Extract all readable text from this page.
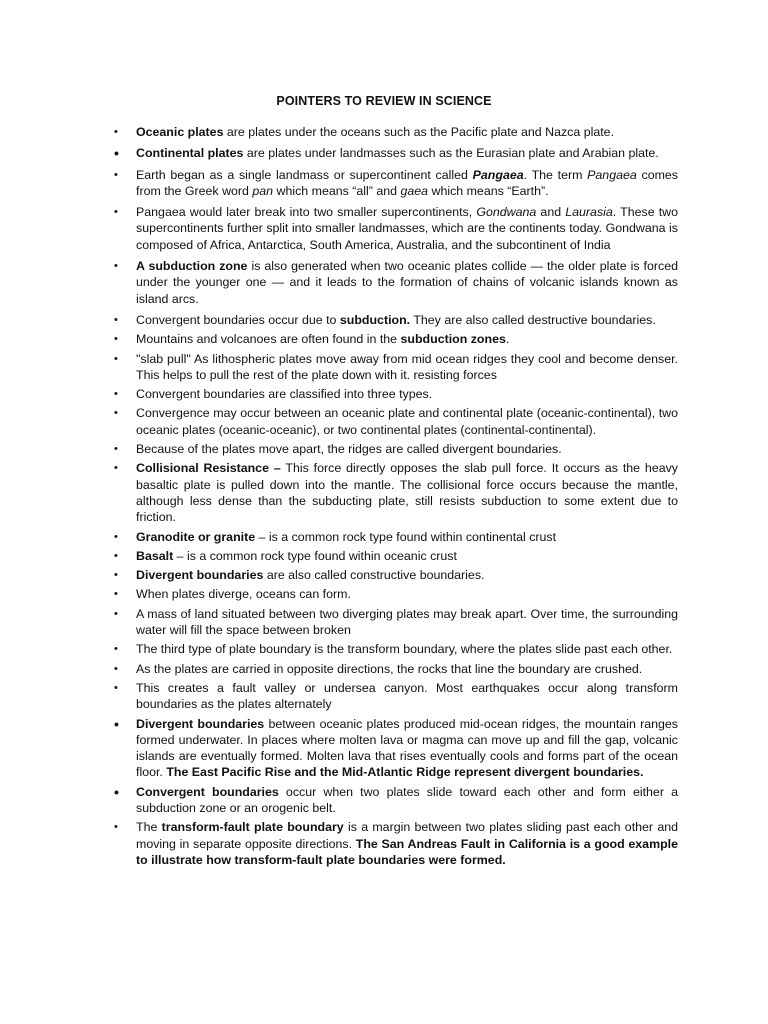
POINTERS TO REVIEW IN SCIENCE
• Oceanic plates are plates under the oceans such as the Pacific plate and Nazca plate.
• Continental plates are plates under landmasses such as the Eurasian plate and Arabian plate.
• Earth began as a single landmass or supercontinent called Pangaea. The term Pangaea comes from the Greek word pan which means “all” and gaea which means “Earth”.
• Pangaea would later break into two smaller supercontinents, Gondwana and Laurasia. These two supercontinents further split into smaller landmasses, which are the continents today. Gondwana is composed of Africa, Antarctica, South America, Australia, and the subcontinent of India
• A subduction zone is also generated when two oceanic plates collide — the older plate is forced under the younger one — and it leads to the formation of chains of volcanic islands known as island arcs.
• Convergent boundaries occur due to subduction. They are also called destructive boundaries.
• Mountains and volcanoes are often found in the subduction zones.
• "slab pull" As lithospheric plates move away from mid ocean ridges they cool and become denser. This helps to pull the rest of the plate down with it. resisting forces
• Convergent boundaries are classified into three types.
• Convergence may occur between an oceanic plate and continental plate (oceanic-continental), two oceanic plates (oceanic-oceanic), or two continental plates (continental-continental).
• Because of the plates move apart, the ridges are called divergent boundaries.
• Collisional Resistance – This force directly opposes the slab pull force. It occurs as the heavy basaltic plate is pulled down into the mantle. The collisional force occurs because the mantle, although less dense than the subducting plate, still resists subduction to some extent due to friction.
• Granodite or granite – is a common rock type found within continental crust
• Basalt – is a common rock type found within oceanic crust
• Divergent boundaries are also called constructive boundaries.
• When plates diverge, oceans can form.
• A mass of land situated between two diverging plates may break apart. Over time, the surrounding water will fill the space between broken
• The third type of plate boundary is the transform boundary, where the plates slide past each other.
• As the plates are carried in opposite directions, the rocks that line the boundary are crushed.
• This creates a fault valley or undersea canyon. Most earthquakes occur along transform boundaries as the plates alternately
• Divergent boundaries between oceanic plates produced mid-ocean ridges, the mountain ranges formed underwater. In places where molten lava or magma can move up and fill the gap, volcanic islands are eventually formed. Molten lava that rises eventually cools and forms part of the ocean floor. The East Pacific Rise and the Mid-Atlantic Ridge represent divergent boundaries.
• Convergent boundaries occur when two plates slide toward each other and form either a subduction zone or an orogenic belt.
• The transform-fault plate boundary is a margin between two plates sliding past each other and moving in separate opposite directions. The San Andreas Fault in California is a good example to illustrate how transform-fault plate boundaries were formed.
